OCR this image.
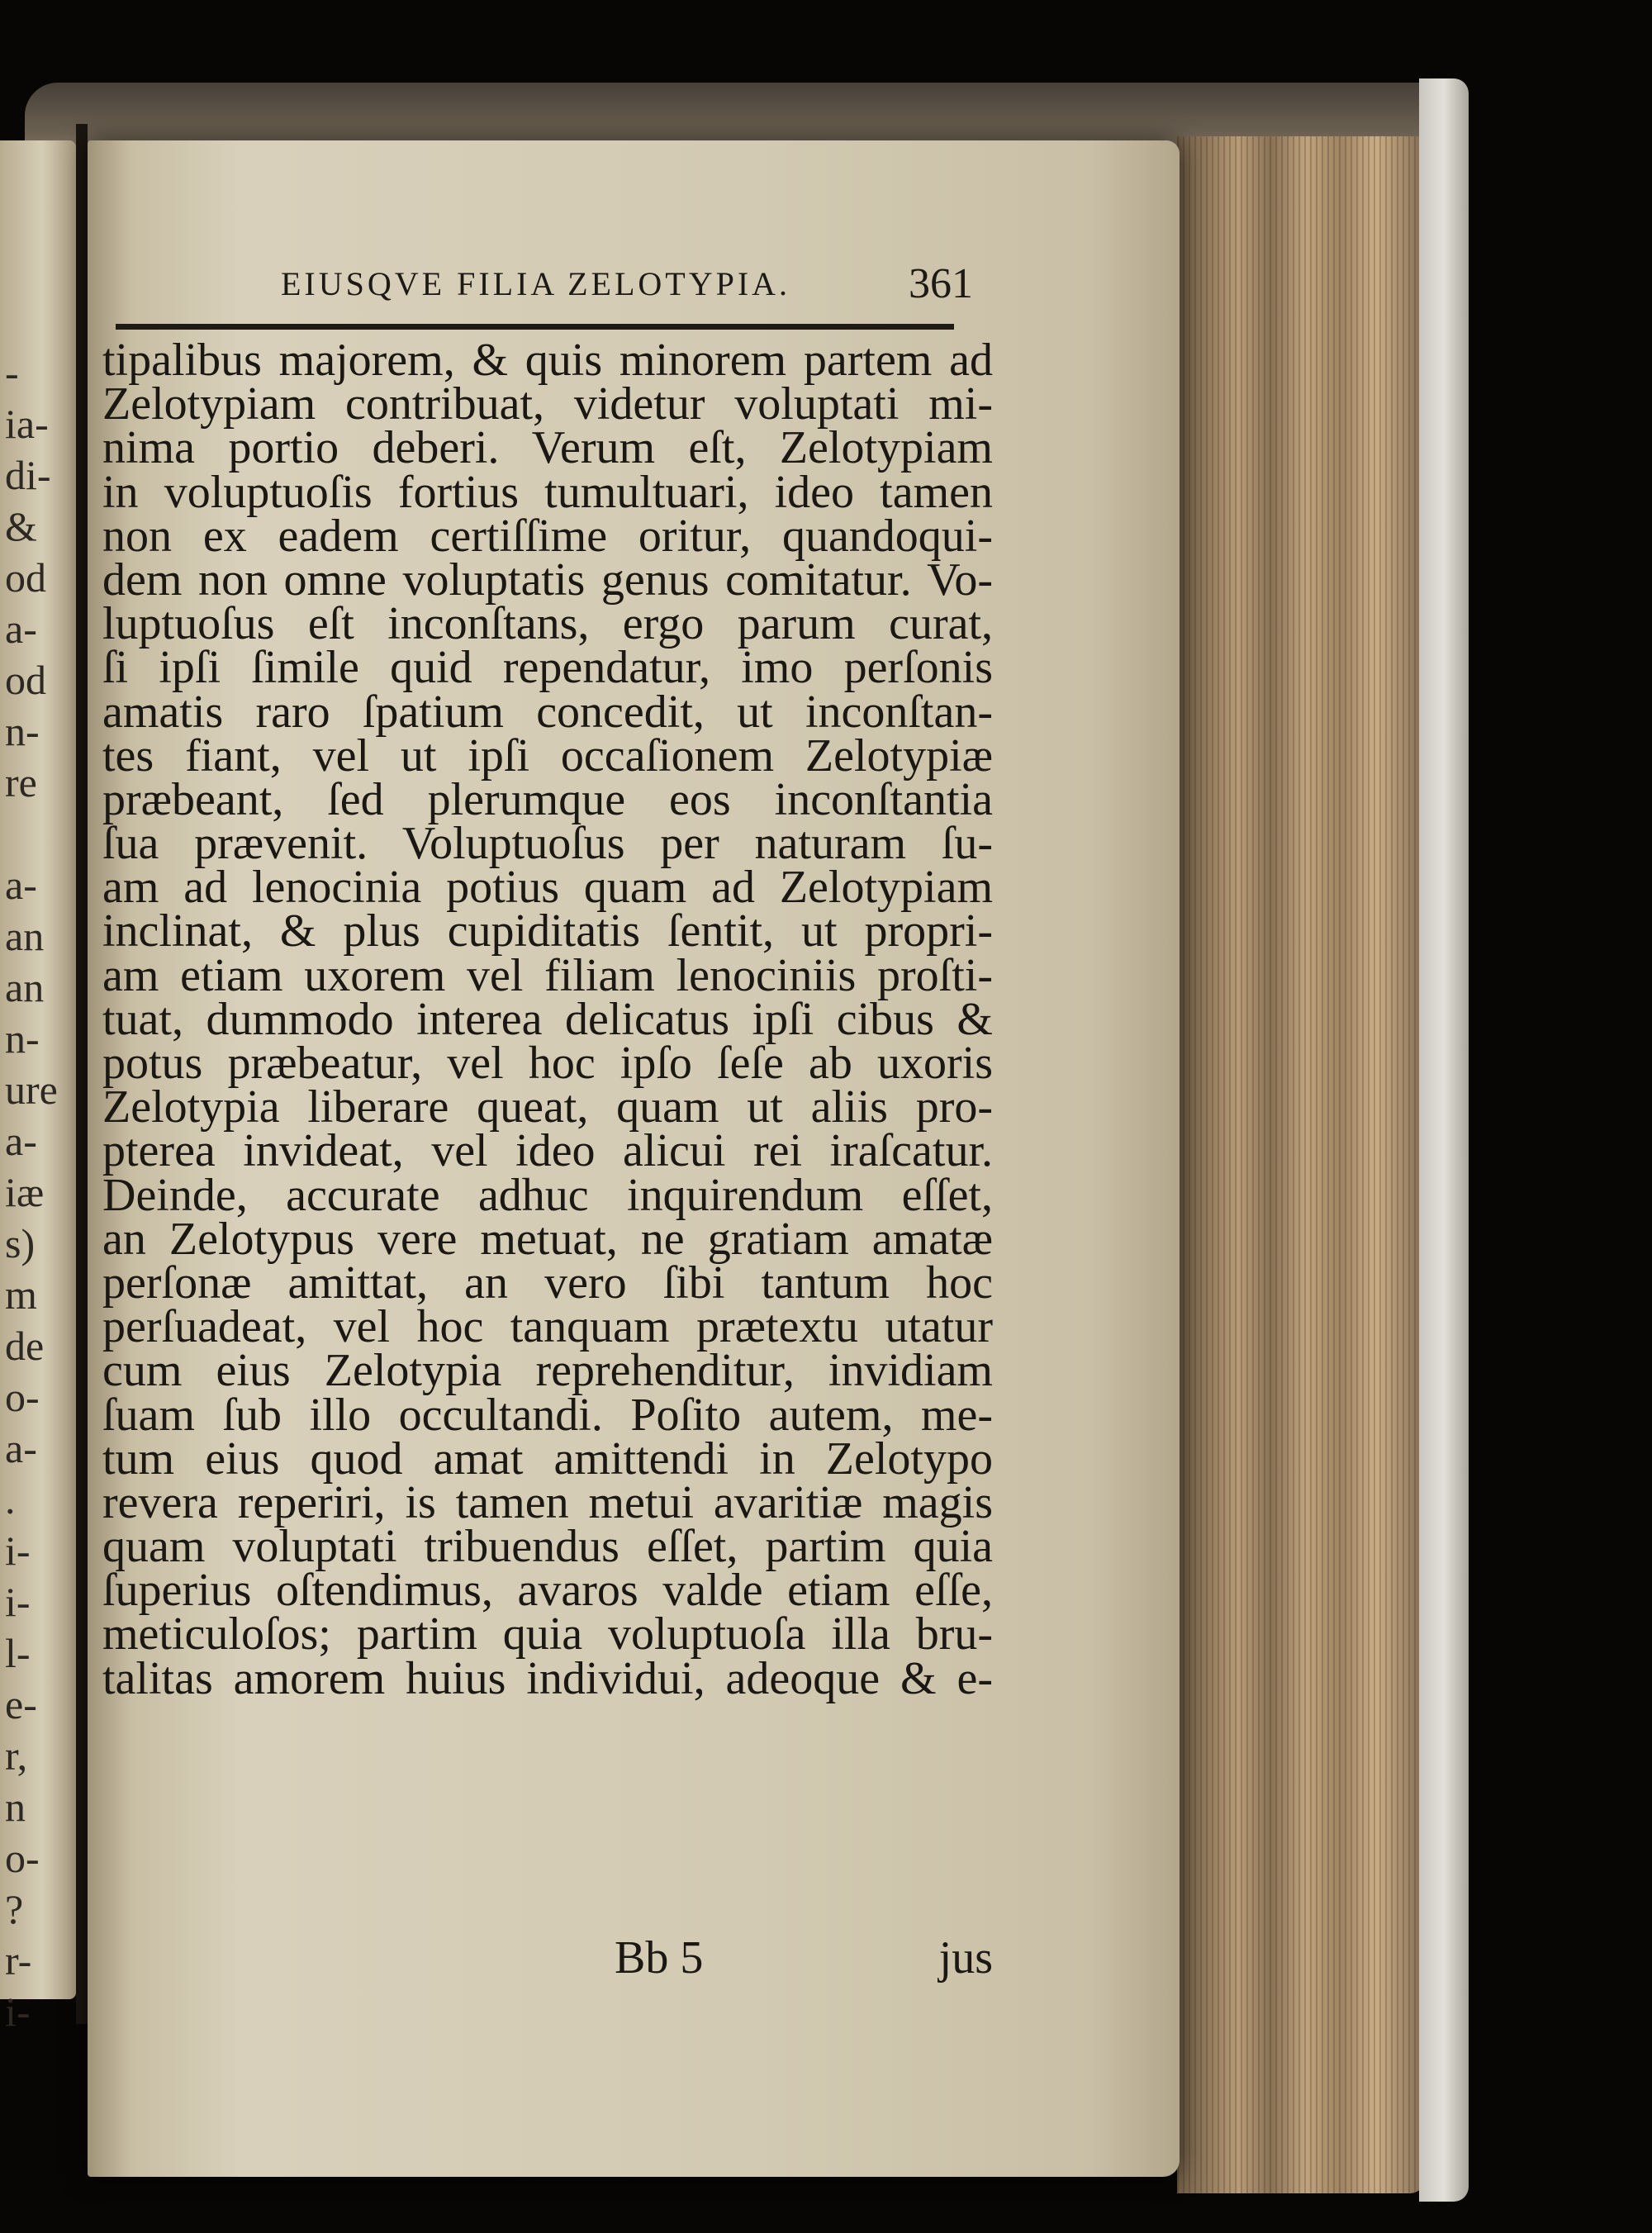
-
ia-
di-
&
od
a-
od
n-
re
a-
an
an
n-
ure
a-
iæ
s)
m
de
o-
a-
.
i-
i-
l-
e-
r,
n
o-
?
r-
i-
EIUSQVE FILIA ZELOTYPIA.	361
tipalibus majorem, & quis minorem partem ad
Zelotypiam contribuat, videtur voluptati mi-
nima portio deberi. Verum eſt, Zelotypiam
in voluptuoſis fortius tumultuari, ideo tamen
non ex eadem certiſſime oritur, quandoqui-
dem non omne voluptatis genus comitatur. Vo-
luptuoſus eſt inconſtans, ergo parum curat,
ſi ipſi ſimile quid rependatur, imo perſonis
amatis raro ſpatium concedit, ut inconſtan-
tes fiant, vel ut ipſi occaſionem Zelotypiæ
præbeant, ſed plerumque eos inconſtantia
ſua prævenit. Voluptuoſus per naturam ſu-
am ad lenocinia potius quam ad Zelotypiam
inclinat, & plus cupiditatis ſentit, ut propri-
am etiam uxorem vel filiam lenociniis proſti-
tuat, dummodo interea delicatus ipſi cibus &
potus præbeatur, vel hoc ipſo ſeſe ab uxoris
Zelotypia liberare queat, quam ut aliis pro-
pterea invideat, vel ideo alicui rei iraſcatur.
Deinde, accurate adhuc inquirendum eſſet,
an Zelotypus vere metuat, ne gratiam amatæ
perſonæ amittat, an vero ſibi tantum hoc
perſuadeat, vel hoc tanquam prætextu utatur
cum eius Zelotypia reprehenditur, invidiam
ſuam ſub illo occultandi. Poſito autem, me-
tum eius quod amat amittendi in Zelotypo
revera reperiri, is tamen metui avaritiæ magis
quam voluptati tribuendus eſſet, partim quia
ſuperius oſtendimus, avaros valde etiam eſſe,
meticuloſos; partim quia voluptuoſa illa bru-
talitas amorem huius individui, adeoque & e-
Bb 5	jus
